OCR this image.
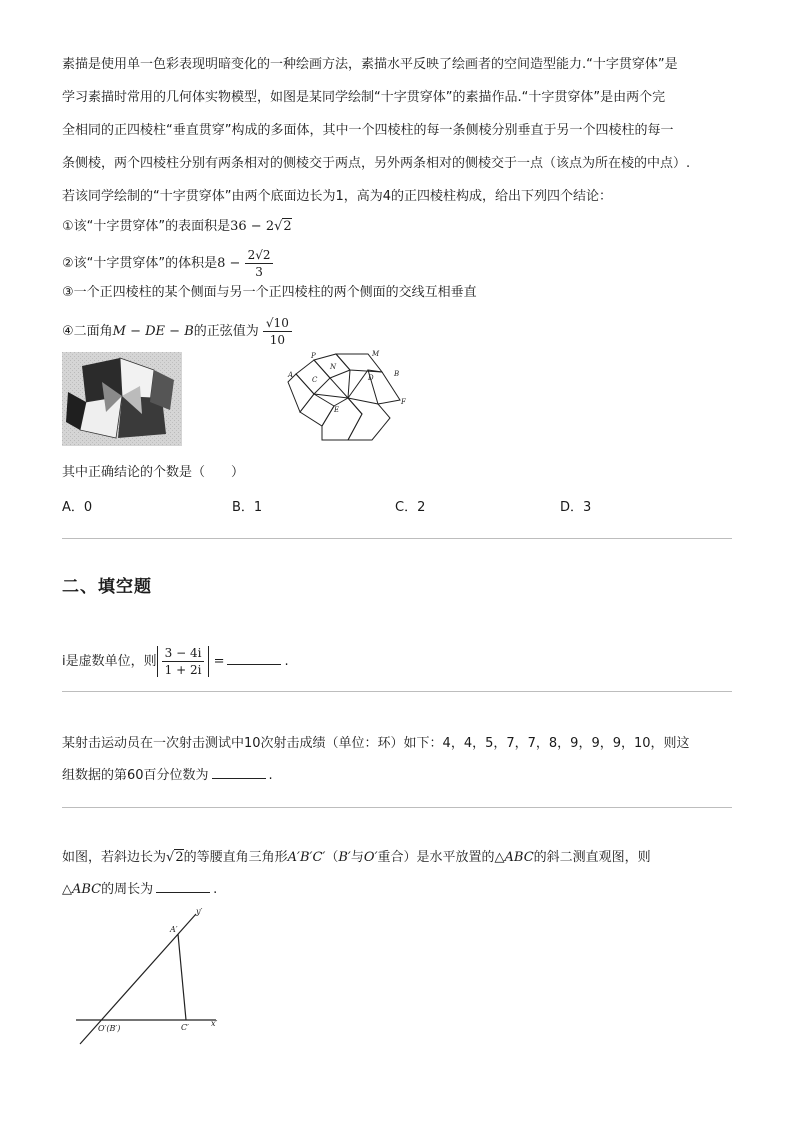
素描是使用单一色彩表现明暗变化的一种绘画方法，素描水平反映了绘画者的空间造型能力.“十字贯穿体”是
学习素描时常用的几何体实物模型，如图是某同学绘制“十字贯穿体”的素描作品.“十字贯穿体”是由两个完
全相同的正四棱柱“垂直贯穿”构成的多面体，其中一个四棱柱的每一条侧棱分别垂直于另一个四棱柱的每一
条侧棱，两个四棱柱分别有两条相对的侧棱交于两点，另外两条相对的侧棱交于一点（该点为所在棱的中点）.
若该同学绘制的“十字贯穿体”由两个底面边长为1，高为4的正四棱柱构成，给出下列四个结论：
①该“十字贯穿体”的表面积是36 − 2√2
②该“十字贯穿体”的体积是$8 - \frac{2√2}{3}$
③一个正四棱柱的某个侧面与另一个正四棱柱的两个侧面的交线互相垂直
④二面角M − DE − B的正弦值为 $\frac{√10}{10}$
P	M
N
A
C	D	B
E
F
其中正确结论的个数是（　　）
A．0	B．1	C．2	D．3
二、填空题
i是虚数单位，则 $\frac{3 - 4i}{1 + 2i}$ =	.
某射击运动员在一次射击测试中10次射击成绩（单位：环）如下：4，4，5，7，7，8，9，9，9，10，则这
组数据的第60百分位数为	.
如图，若斜边长为√2的等腰直角三角形A′B′C′（B′与O′重合）是水平放置的△ABC的斜二测直观图，则
△ABC的周长为	.
y′
A′
O′(B′)	C′	x′
